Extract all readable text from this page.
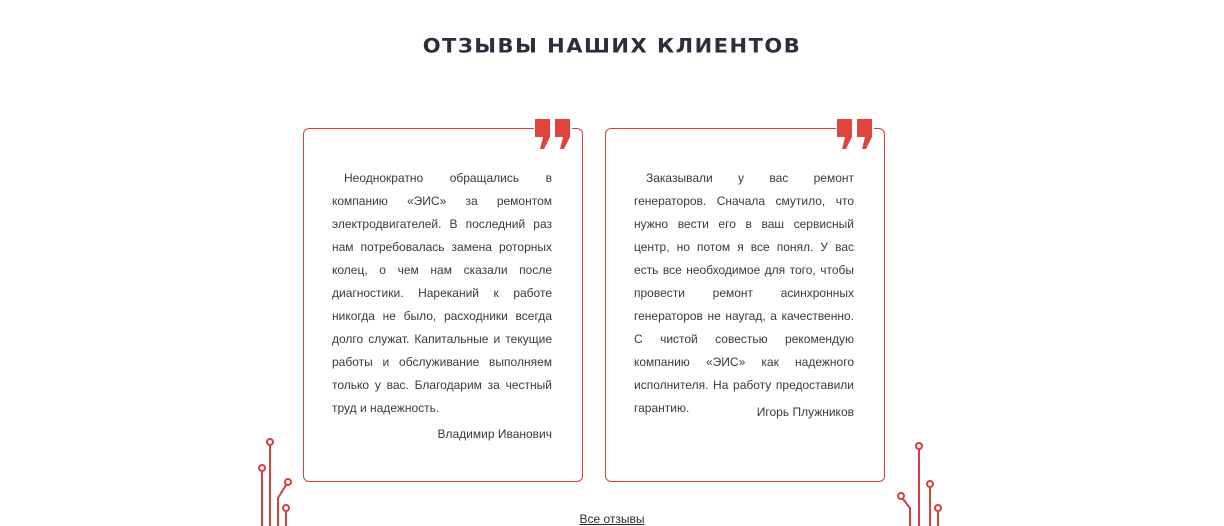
ОТЗЫВЫ НАШИХ КЛИЕНТОВ

Неоднократно обращались в компанию «ЭИС» за ремонтом электродвигателей. В последний раз нам потребовалась замена роторных колец, о чем нам сказали после диагностики. Нареканий к работе никогда не было, расходники всегда долго служат. Капитальные и текущие работы и обслуживание выполняем только у вас. Благодарим за честный труд и надежность.

Владимир Иванович

Заказывали у вас ремонт генераторов. Сначала смутило, что нужно вести его в ваш сервисный центр, но потом я все понял. У вас есть все необходимое для того, чтобы провести ремонт асинхронных генераторов не наугад, а качественно. С чистой совестью рекомендую компанию «ЭИС» как надежного исполнителя. На работу предоставили гарантию.	Игорь Плужников
Все отзывы
